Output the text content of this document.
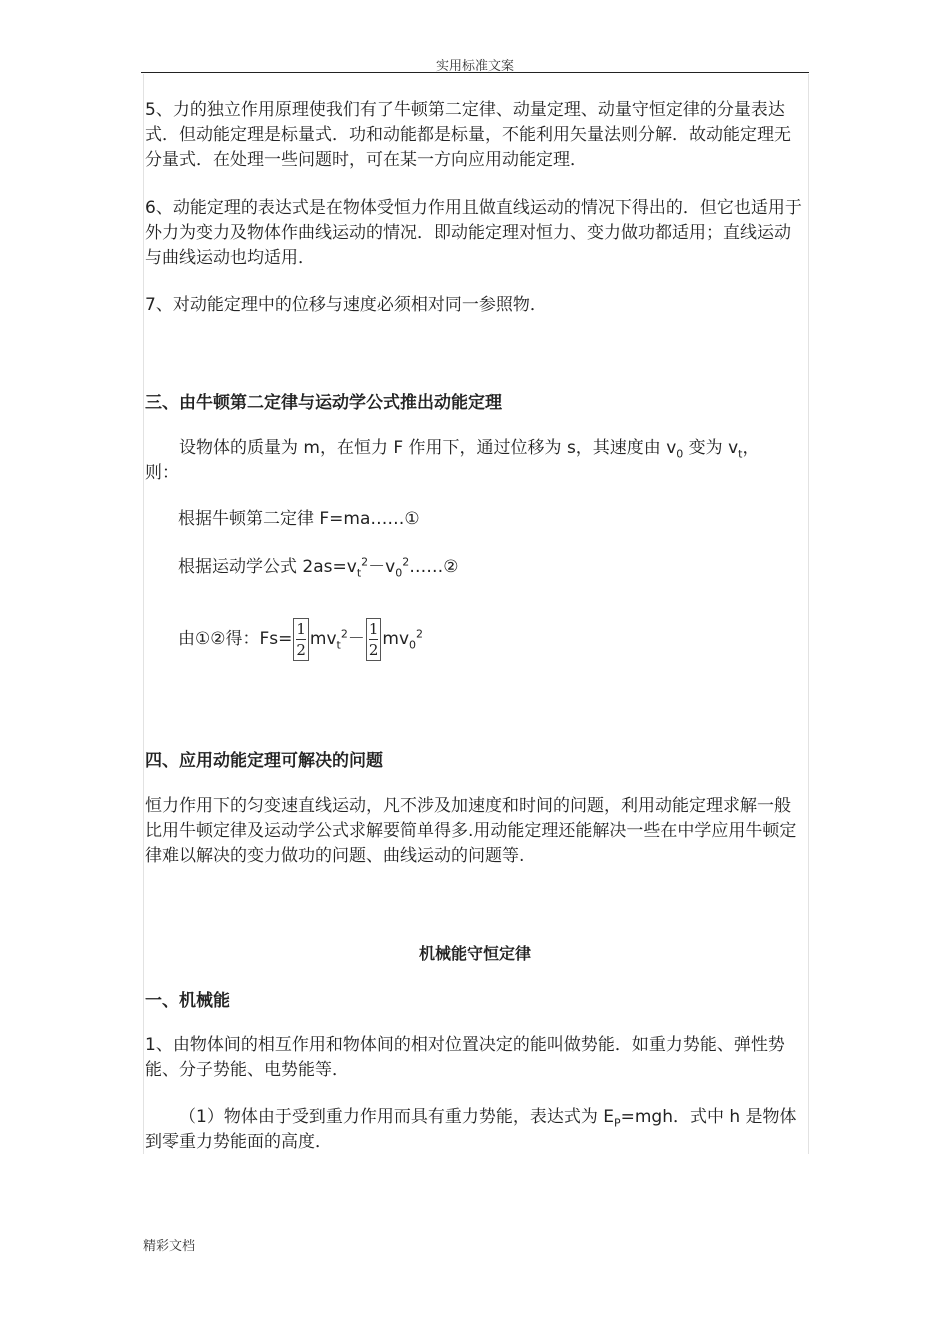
实用标准文案
5、力的独立作用原理使我们有了牛顿第二定律、动量定理、动量守恒定律的分量表达式．但动能定理是标量式．功和动能都是标量，不能利用矢量法则分解．故动能定理无分量式．在处理一些问题时，可在某一方向应用动能定理．
6、动能定理的表达式是在物体受恒力作用且做直线运动的情况下得出的．但它也适用于外力为变力及物体作曲线运动的情况．即动能定理对恒力、变力做功都适用；直线运动与曲线运动也均适用．
7、对动能定理中的位移与速度必须相对同一参照物．
三、由牛顿第二定律与运动学公式推出动能定理
设物体的质量为 m，在恒力 F 作用下，通过位移为 s，其速度由 $v_0$ 变为 $v_t$，
则：
根据牛顿第二定律 F=ma……①
根据运动学公式 $2as=v_t^2-v_0^2\dots\dots ②$
由①②得：$Fs= \frac{1}{2} mv_t^2- \frac{1}{2} mv_0^2$
四、应用动能定理可解决的问题
恒力作用下的匀变速直线运动，凡不涉及加速度和时间的问题，利用动能定理求解一般比用牛顿定律及运动学公式求解要简单得多.用动能定理还能解决一些在中学应用牛顿定律难以解决的变力做功的问题、曲线运动的问题等.
机械能守恒定律
一、机械能
1、由物体间的相互作用和物体间的相对位置决定的能叫做势能．如重力势能、弹性势能、分子势能、电势能等．
（1）物体由于受到重力作用而具有重力势能，表达式为 $E_P=mgh$．式中 h 是物体到零重力势能面的高度．
精彩文档
